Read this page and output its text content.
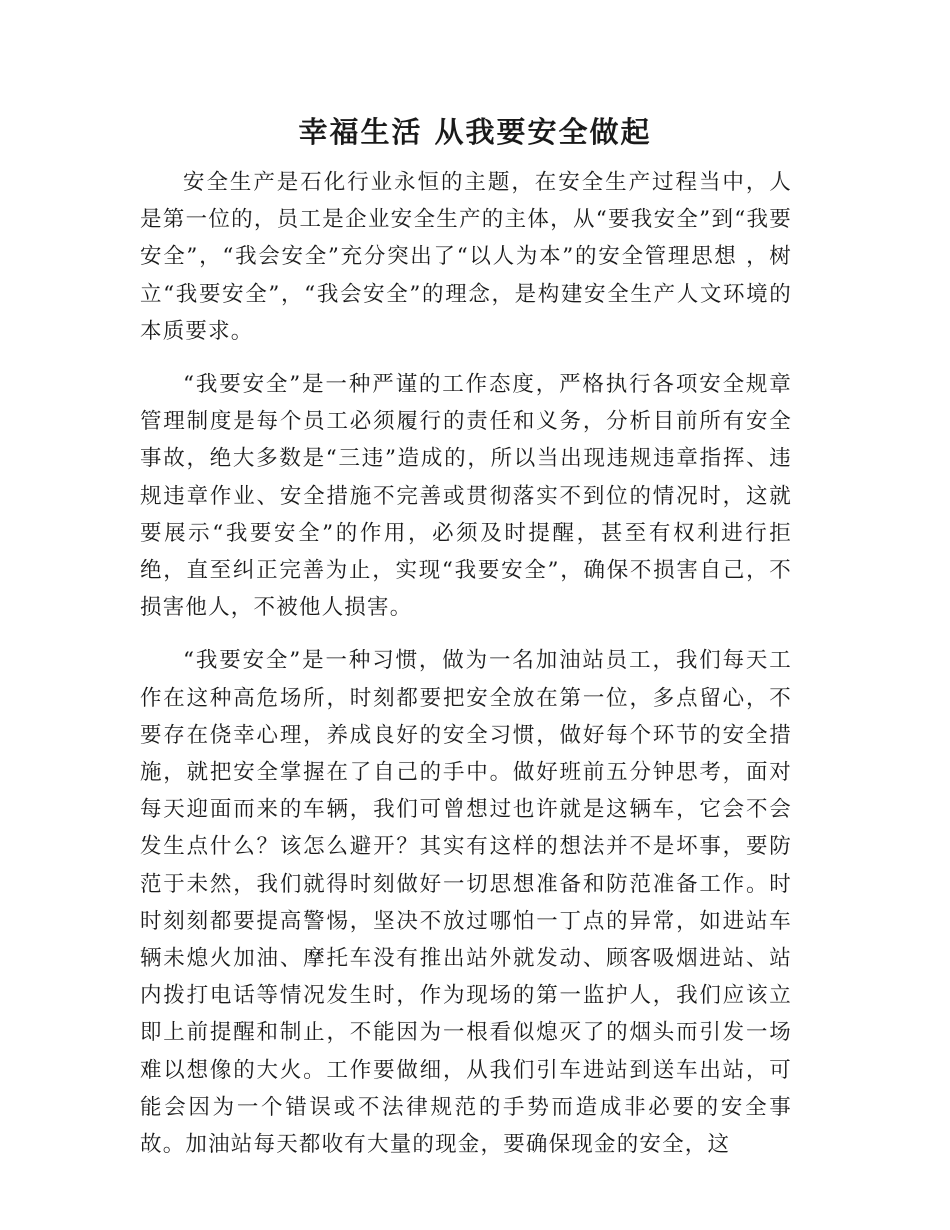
幸福生活 从我要安全做起

安全生产是石化行业永恒的主题，在安全生产过程当中，人是第一位的，员工是企业安全生产的主体，从“要我安全”到“我要安全”，“我会安全”充分突出了“以人为本”的安全管理思想 ，树立“我要安全”，“我会安全”的理念，是构建安全生产人文环境的本质要求。

“我要安全”是一种严谨的工作态度，严格执行各项安全规章管理制度是每个员工必须履行的责任和义务，分析目前所有安全事故，绝大多数是“三违”造成的，所以当出现违规违章指挥、违规违章作业、安全措施不完善或贯彻落实不到位的情况时，这就要展示“我要安全”的作用，必须及时提醒，甚至有权利进行拒绝，直至纠正完善为止，实现“我要安全”，确保不损害自己，不损害他人，不被他人损害。

“我要安全”是一种习惯，做为一名加油站员工，我们每天工作在这种高危场所，时刻都要把安全放在第一位，多点留心，不要存在侥幸心理，养成良好的安全习惯，做好每个环节的安全措施，就把安全掌握在了自己的手中。做好班前五分钟思考，面对每天迎面而来的车辆，我们可曾想过也许就是这辆车，它会不会发生点什么？该怎么避开？其实有这样的想法并不是坏事，要防范于未然，我们就得时刻做好一切思想准备和防范准备工作。时时刻刻都要提高警惕，坚决不放过哪怕一丁点的异常，如进站车辆未熄火加油、摩托车没有推出站外就发动、顾客吸烟进站、站内拨打电话等情况发生时，作为现场的第一监护人，我们应该立即上前提醒和制止，不能因为一根看似熄灭了的烟头而引发一场难以想像的大火。工作要做细，从我们引车进站到送车出站，可能会因为一个错误或不法律规范的手势而造成非必要的安全事故。加油站每天都收有大量的现金，要确保现金的安全，这
